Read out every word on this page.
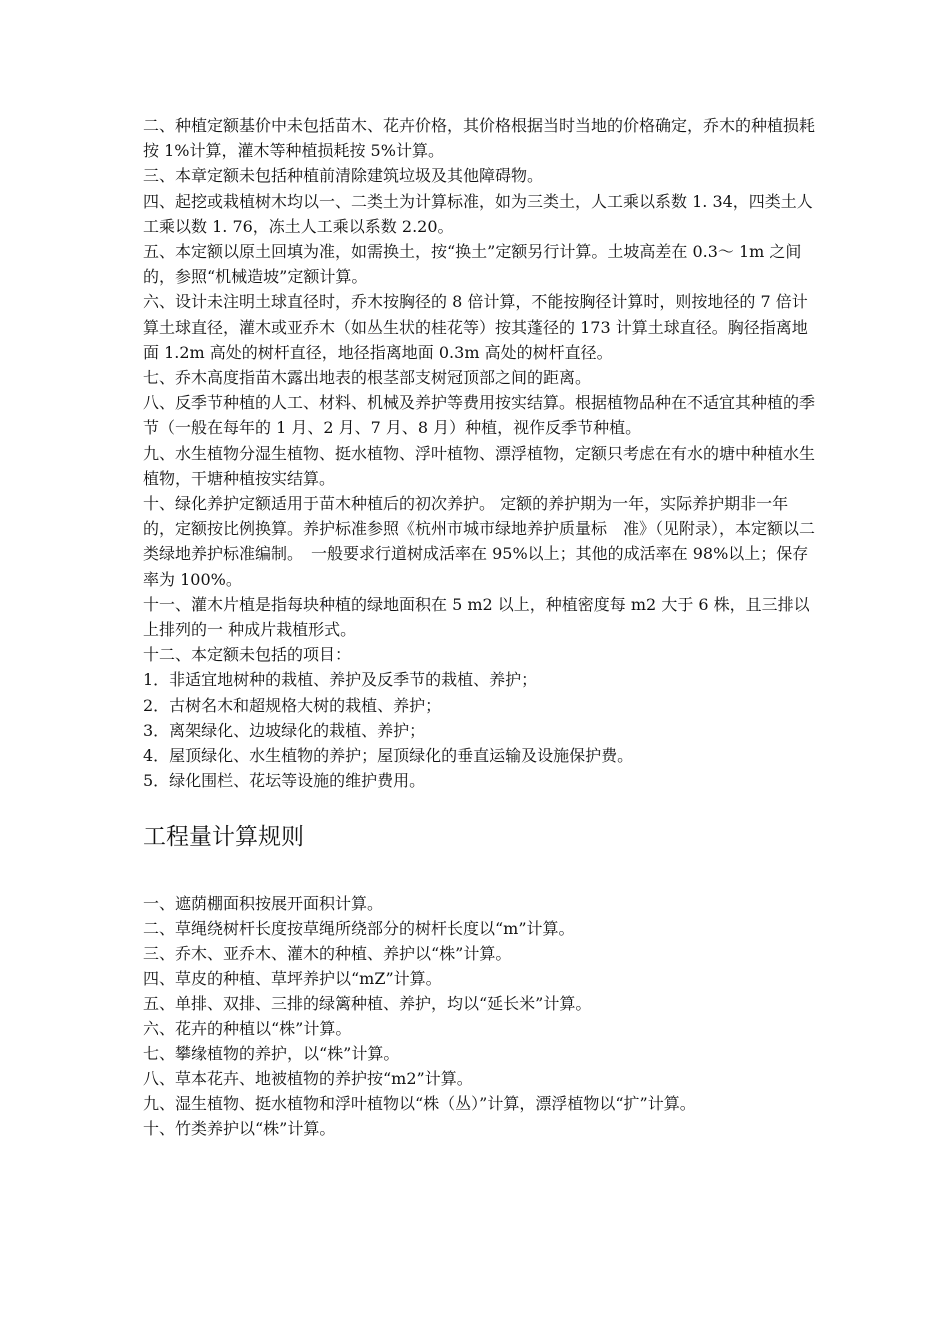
二、种植定额基价中未包括苗木、花卉价格，其价格根据当时当地的价格确定，乔木的种植损耗按 1%计算，灌木等种植损耗按 5%计算。

三、本章定额未包括种植前清除建筑垃圾及其他障碍物。

四、起挖或栽植树木均以一、二类土为计算标准，如为三类土，人工乘以系数 1. 34，四类土人工乘以数 1. 76，冻土人工乘以系数 2.20。

五、本定额以原土回填为准，如需换土，按“换土”定额另行计算。土坡高差在 0.3～ 1m 之间的，参照“机械造坡”定额计算。

六、设计未注明土球直径时，乔木按胸径的 8 倍计算，不能按胸径计算时，则按地径的 7 倍计算土球直径，灌木或亚乔木（如丛生状的桂花等）按其蓬径的 173 计算土球直径。胸径指离地面 1.2m 高处的树杆直径，地径指离地面 0.3m 高处的树杆直径。

七、乔木高度指苗木露出地表的根茎部支树冠顶部之间的距离。

八、反季节种植的人工、材料、机械及养护等费用按实结算。根据植物品种在不适宜其种植的季节（一般在每年的 1 月、2 月、7 月、8 月）种植，视作反季节种植。

九、水生植物分湿生植物、挺水植物、浮叶植物、漂浮植物，定额只考虑在有水的塘中种植水生植物，干塘种植按实结算。

十、绿化养护定额适用于苗木种植后的初次养护。 定额的养护期为一年，实际养护期非一年的，定额按比例换算。养护标准参照《杭州市城市绿地养护质量标　准》（见附录），本定额以二类绿地养护标准编制。　一般要求行道树成活率在 95%以上；其他的成活率在 98%以上；保存率为 100%。

十一、灌木片植是指每块种植的绿地面积在 5 m2 以上，种植密度每 m2 大于 6 株，且三排以上排列的一 种成片栽植形式。

十二、本定额未包括的项目：

1．非适宜地树种的栽植、养护及反季节的栽植、养护；

2．古树名木和超规格大树的栽植、养护；

3．离架绿化、边坡绿化的栽植、养护；

4．屋顶绿化、水生植物的养护；屋顶绿化的垂直运输及设施保护费。

5．绿化围栏、花坛等设施的维护费用。

工程量计算规则

一、遮荫棚面积按展开面积计算。

二、草绳绕树杆长度按草绳所绕部分的树杆长度以“m”计算。

三、乔木、亚乔木、灌木的种植、养护以“株”计算。

四、草皮的种植、草坪养护以“mZ”计算。

五、单排、双排、三排的绿篱种植、养护，均以“延长米”计算。

六、花卉的种植以“株”计算。

七、攀缘植物的养护，以“株”计算。

八、草本花卉、地被植物的养护按“m2”计算。

九、湿生植物、挺水植物和浮叶植物以“株（丛）”计算，漂浮植物以“扩”计算。

十、竹类养护以“株”计算。
